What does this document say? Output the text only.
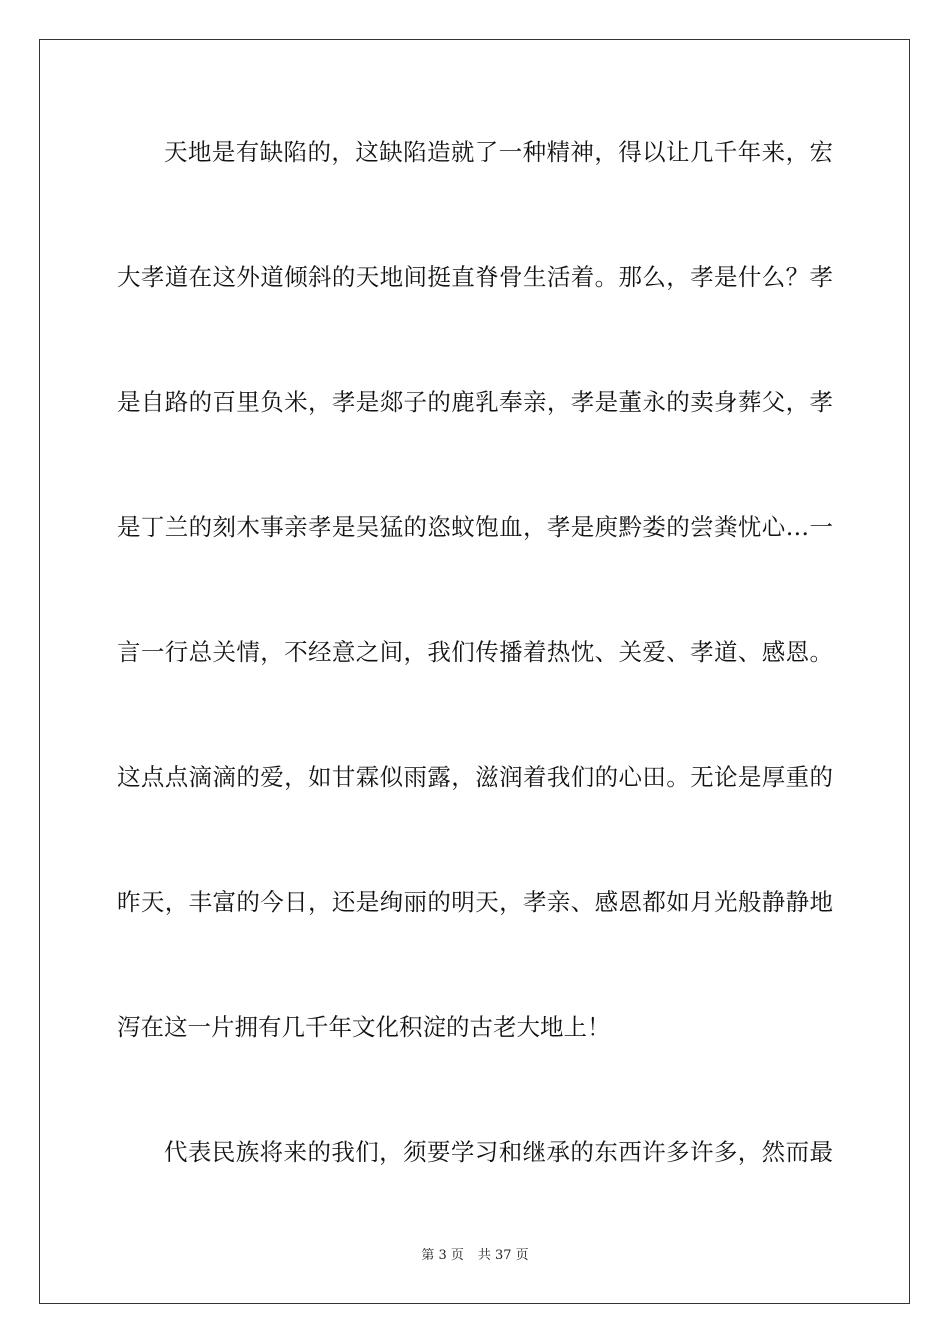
天地是有缺陷的，这缺陷造就了一种精神，得以让几千年来，宏
大孝道在这外道倾斜的天地间挺直脊骨生活着。那么，孝是什么？孝
是自路的百里负米，孝是郯子的鹿乳奉亲，孝是董永的卖身葬父，孝
是丁兰的刻木事亲孝是吴猛的恣蚊饱血，孝是庾黔娄的尝粪忧心…一
言一行总关情，不经意之间，我们传播着热忱、关爱、孝道、感恩。
这点点滴滴的爱，如甘霖似雨露，滋润着我们的心田。无论是厚重的
昨天，丰富的今日，还是绚丽的明天，孝亲、感恩都如月光般静静地
泻在这一片拥有几千年文化积淀的古老大地上！
代表民族将来的我们，须要学习和继承的东西许多许多，然而最
第 3 页 共 37 页
